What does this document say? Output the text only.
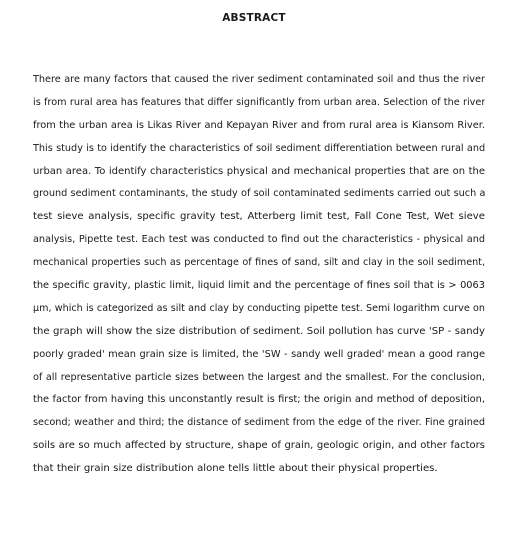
ABSTRACT
There are many factors that caused the river sediment contaminated soil and thus the river
is from rural area has features that differ significantly from urban area. Selection of the river
from the urban area is Likas River and Kepayan River and from rural area is Kiansom River.
This study is to identify the characteristics of soil sediment differentiation between rural and
urban area. To identify characteristics physical and mechanical properties that are on the
ground sediment contaminants, the study of soil contaminated sediments carried out such a
test sieve analysis, specific gravity test, Atterberg limit test, Fall Cone Test, Wet sieve
analysis, Pipette test. Each test was conducted to find out the characteristics - physical and
mechanical properties such as percentage of fines of sand, silt and clay in the soil sediment,
the specific gravity, plastic limit, liquid limit and the percentage of fines soil that is > 0063
μm, which is categorized as silt and clay by conducting pipette test. Semi logarithm curve on
the graph will show the size distribution of sediment. Soil pollution has curve 'SP - sandy
poorly graded' mean grain size is limited, the 'SW - sandy well graded' mean a good range
of all representative particle sizes between the largest and the smallest. For the conclusion,
the factor from having this unconstantly result is first; the origin and method of deposition,
second; weather and third; the distance of sediment from the edge of the river. Fine grained
soils are so much affected by structure, shape of grain, geologic origin, and other factors
that their grain size distribution alone tells little about their physical properties.
